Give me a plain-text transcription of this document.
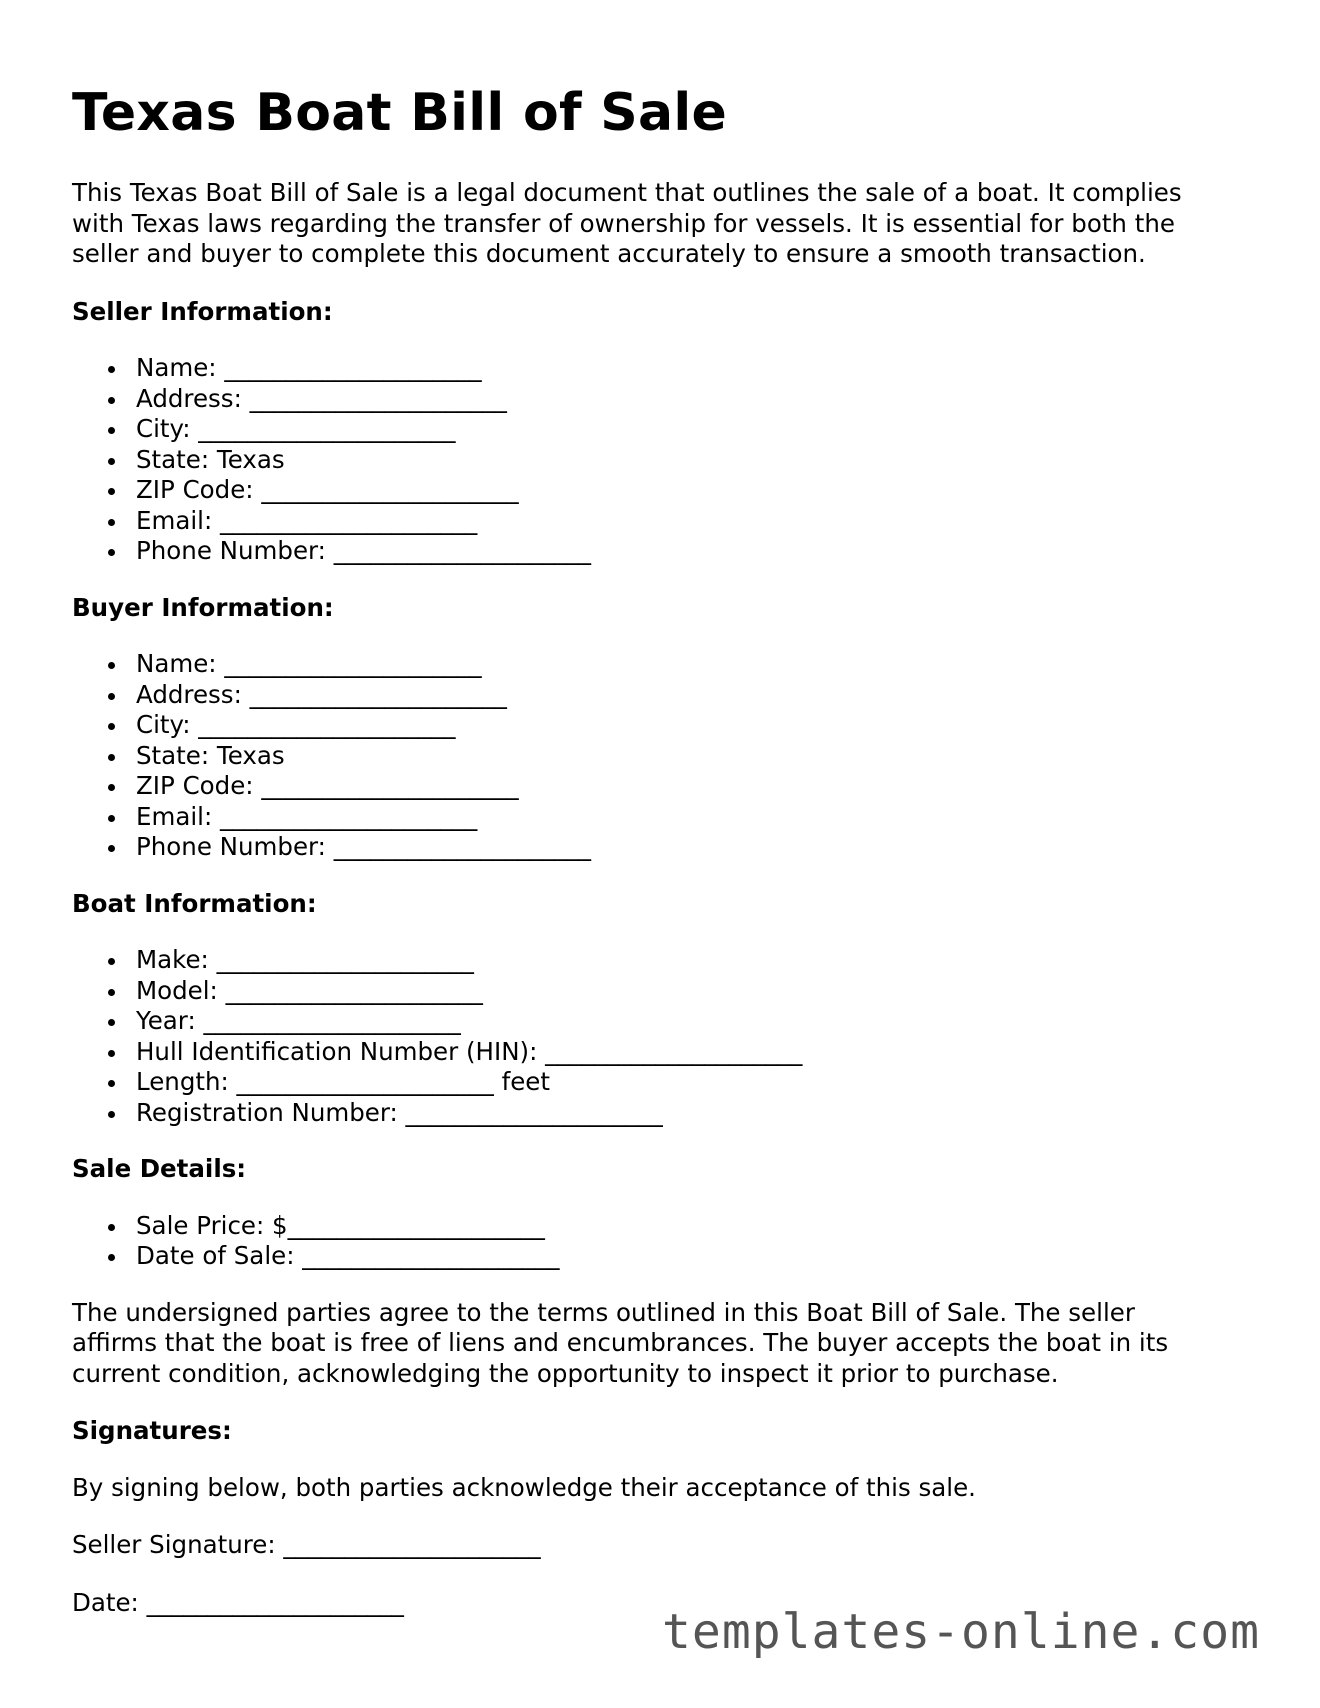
Texas Boat Bill of Sale

This Texas Boat Bill of Sale is a legal document that outlines the sale of a boat. It complies with Texas laws regarding the transfer of ownership for vessels. It is essential for both the seller and buyer to complete this document accurately to ensure a smooth transaction.

Seller Information:
Name: _____________________
Address: _____________________
City: _____________________
State: Texas
ZIP Code: _____________________
Email: _____________________
Phone Number: _____________________
Buyer Information:
Name: _____________________
Address: _____________________
City: _____________________
State: Texas
ZIP Code: _____________________
Email: _____________________
Phone Number: _____________________
Boat Information:
Make: _____________________
Model: _____________________
Year: _____________________
Hull Identification Number (HIN): _____________________
Length: _____________________ feet
Registration Number: _____________________
Sale Details:
Sale Price: $_____________________
Date of Sale: _____________________

The undersigned parties agree to the terms outlined in this Boat Bill of Sale. The seller affirms that the boat is free of liens and encumbrances. The buyer accepts the boat in its current condition, acknowledging the opportunity to inspect it prior to purchase.

Signatures:

By signing below, both parties acknowledge their acceptance of this sale.

Seller Signature: _____________________
Date: _____________________
templates-online.com
